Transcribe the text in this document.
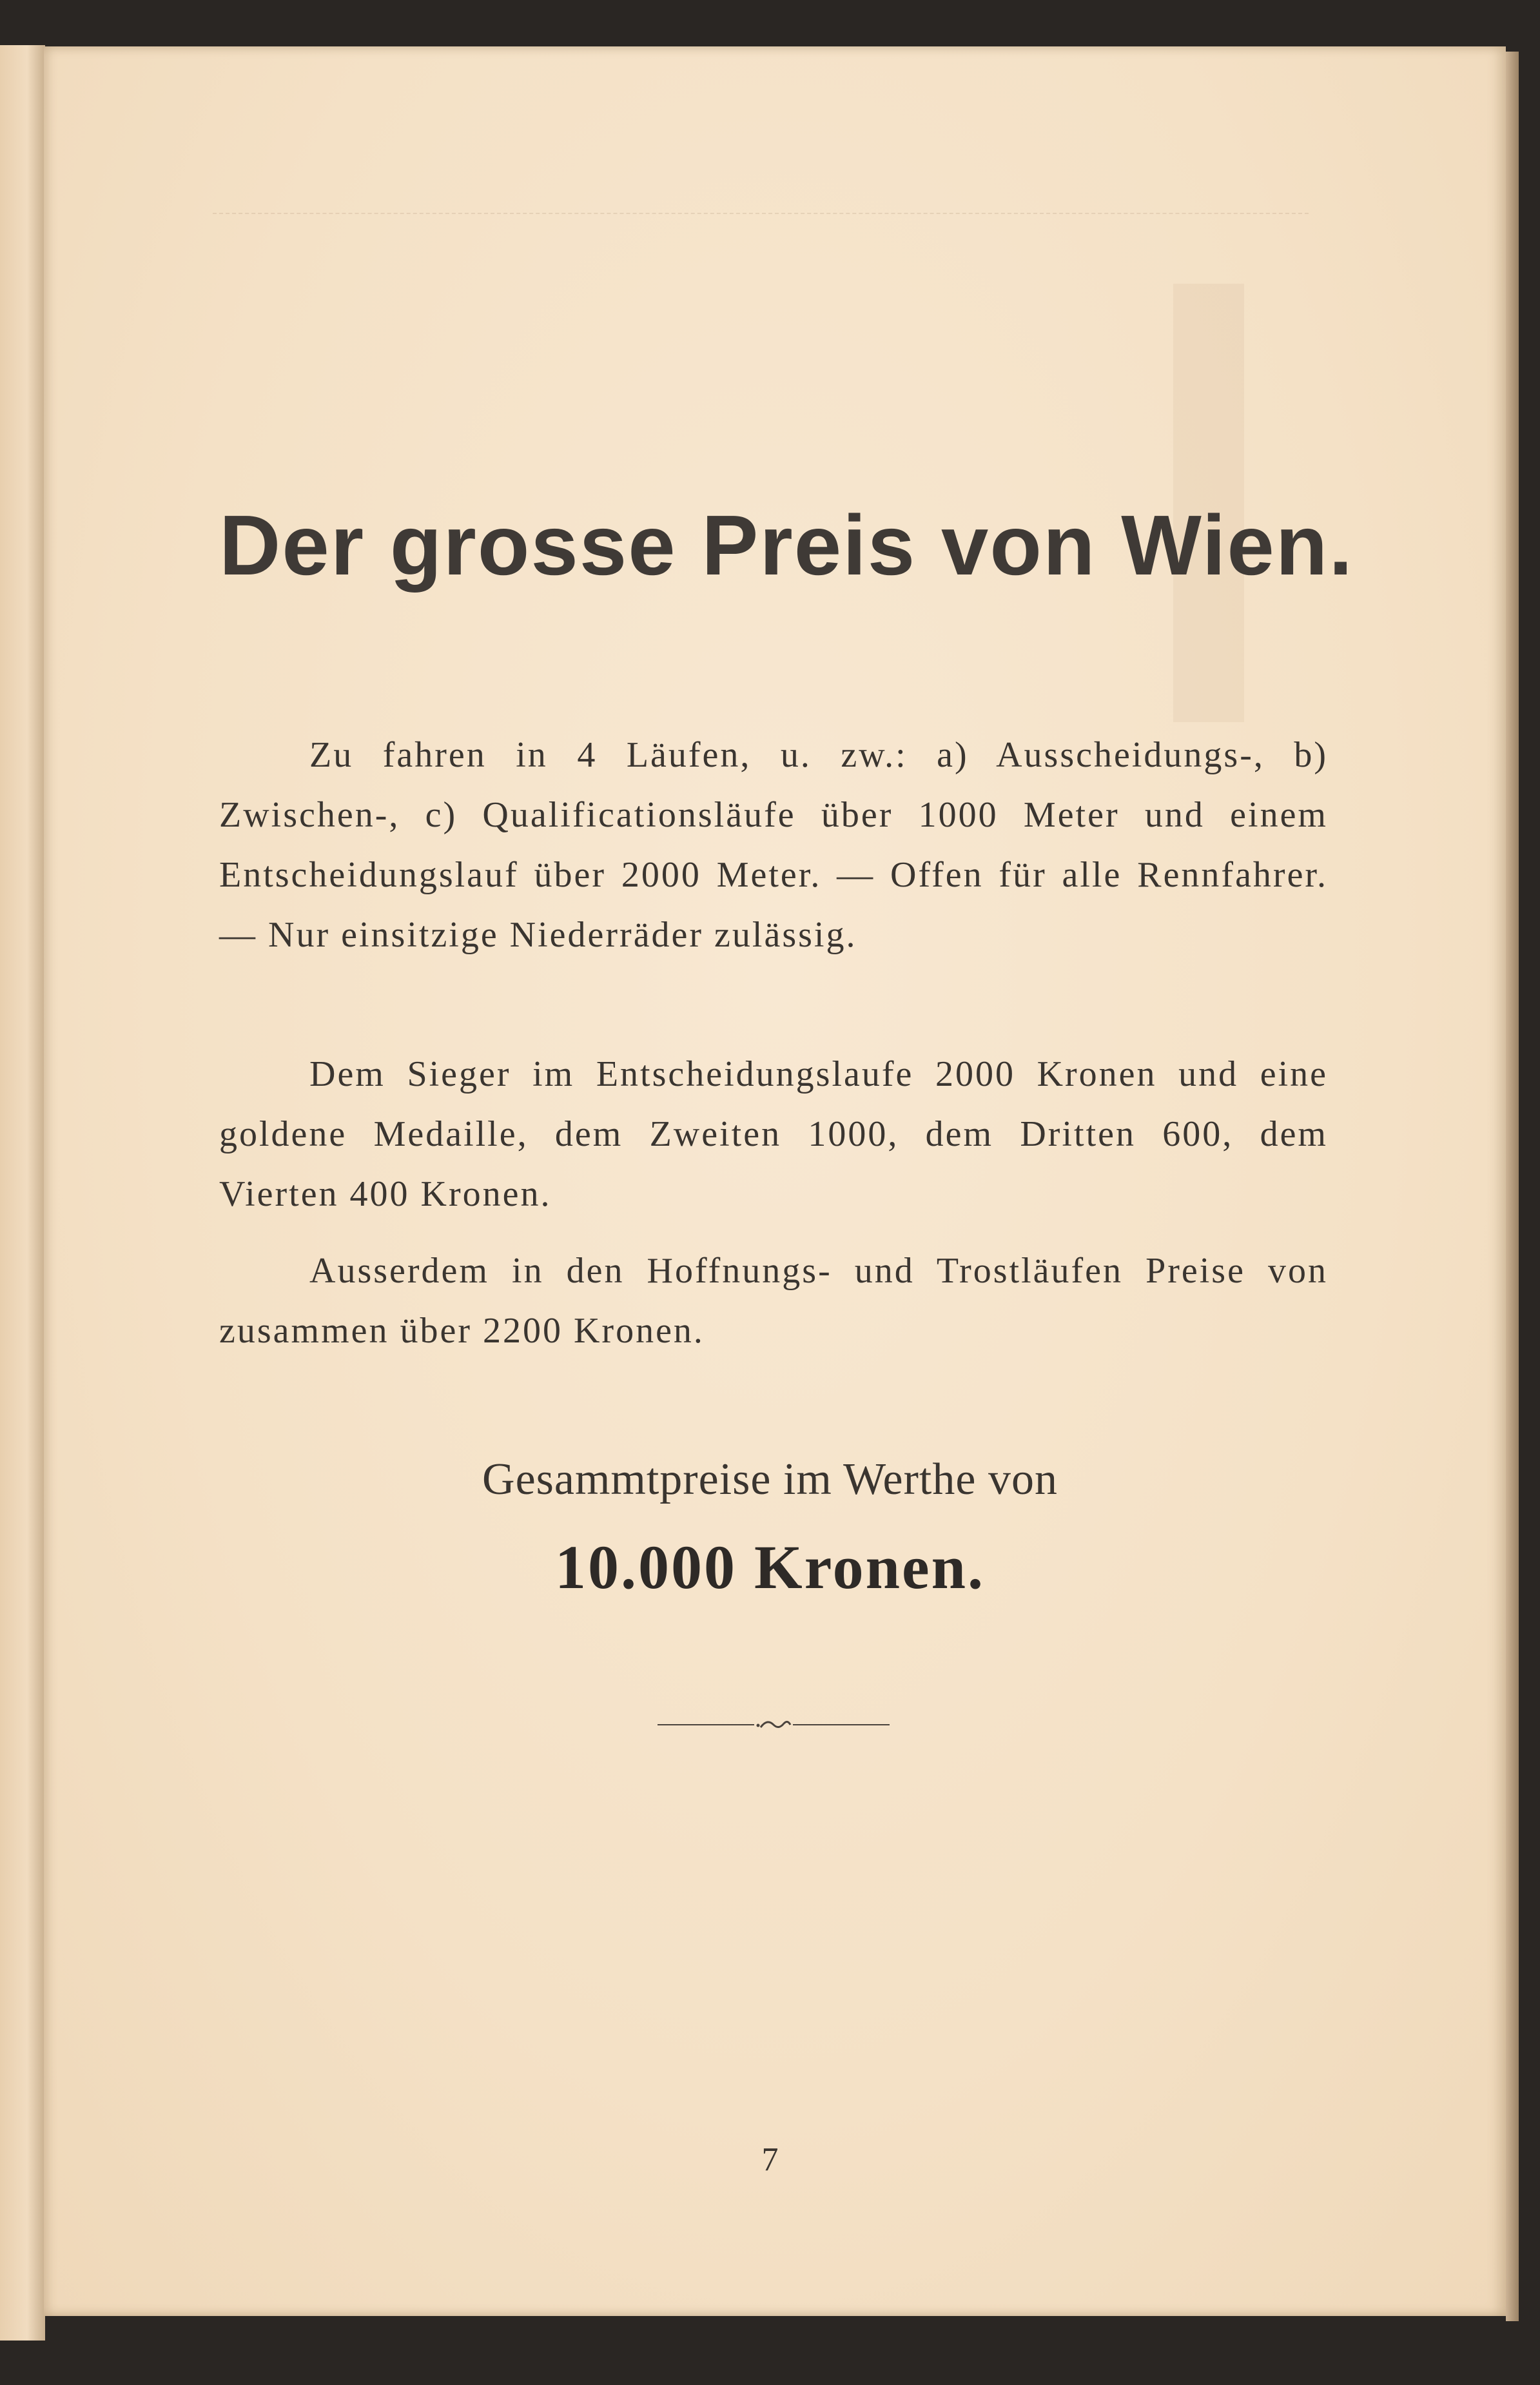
Der grosse Preis von Wien.

Zu fahren in 4 Läufen, u. zw.: a) Ausscheidungs-, b) Zwischen-, c) Qualificationsläufe über 1000 Meter und einem Entscheidungslauf über 2000 Meter. — Offen für alle Rennfahrer. — Nur einsitzige Niederräder zulässig.

Dem Sieger im Entscheidungslaufe 2000 Kronen und eine goldene Medaille, dem Zweiten 1000, dem Dritten 600, dem Vierten 400 Kronen.

Ausserdem in den Hoffnungs- und Trostläufen Preise von zusammen über 2200 Kronen.

Gesammtpreise im Werthe von
10.000 Kronen.
7
